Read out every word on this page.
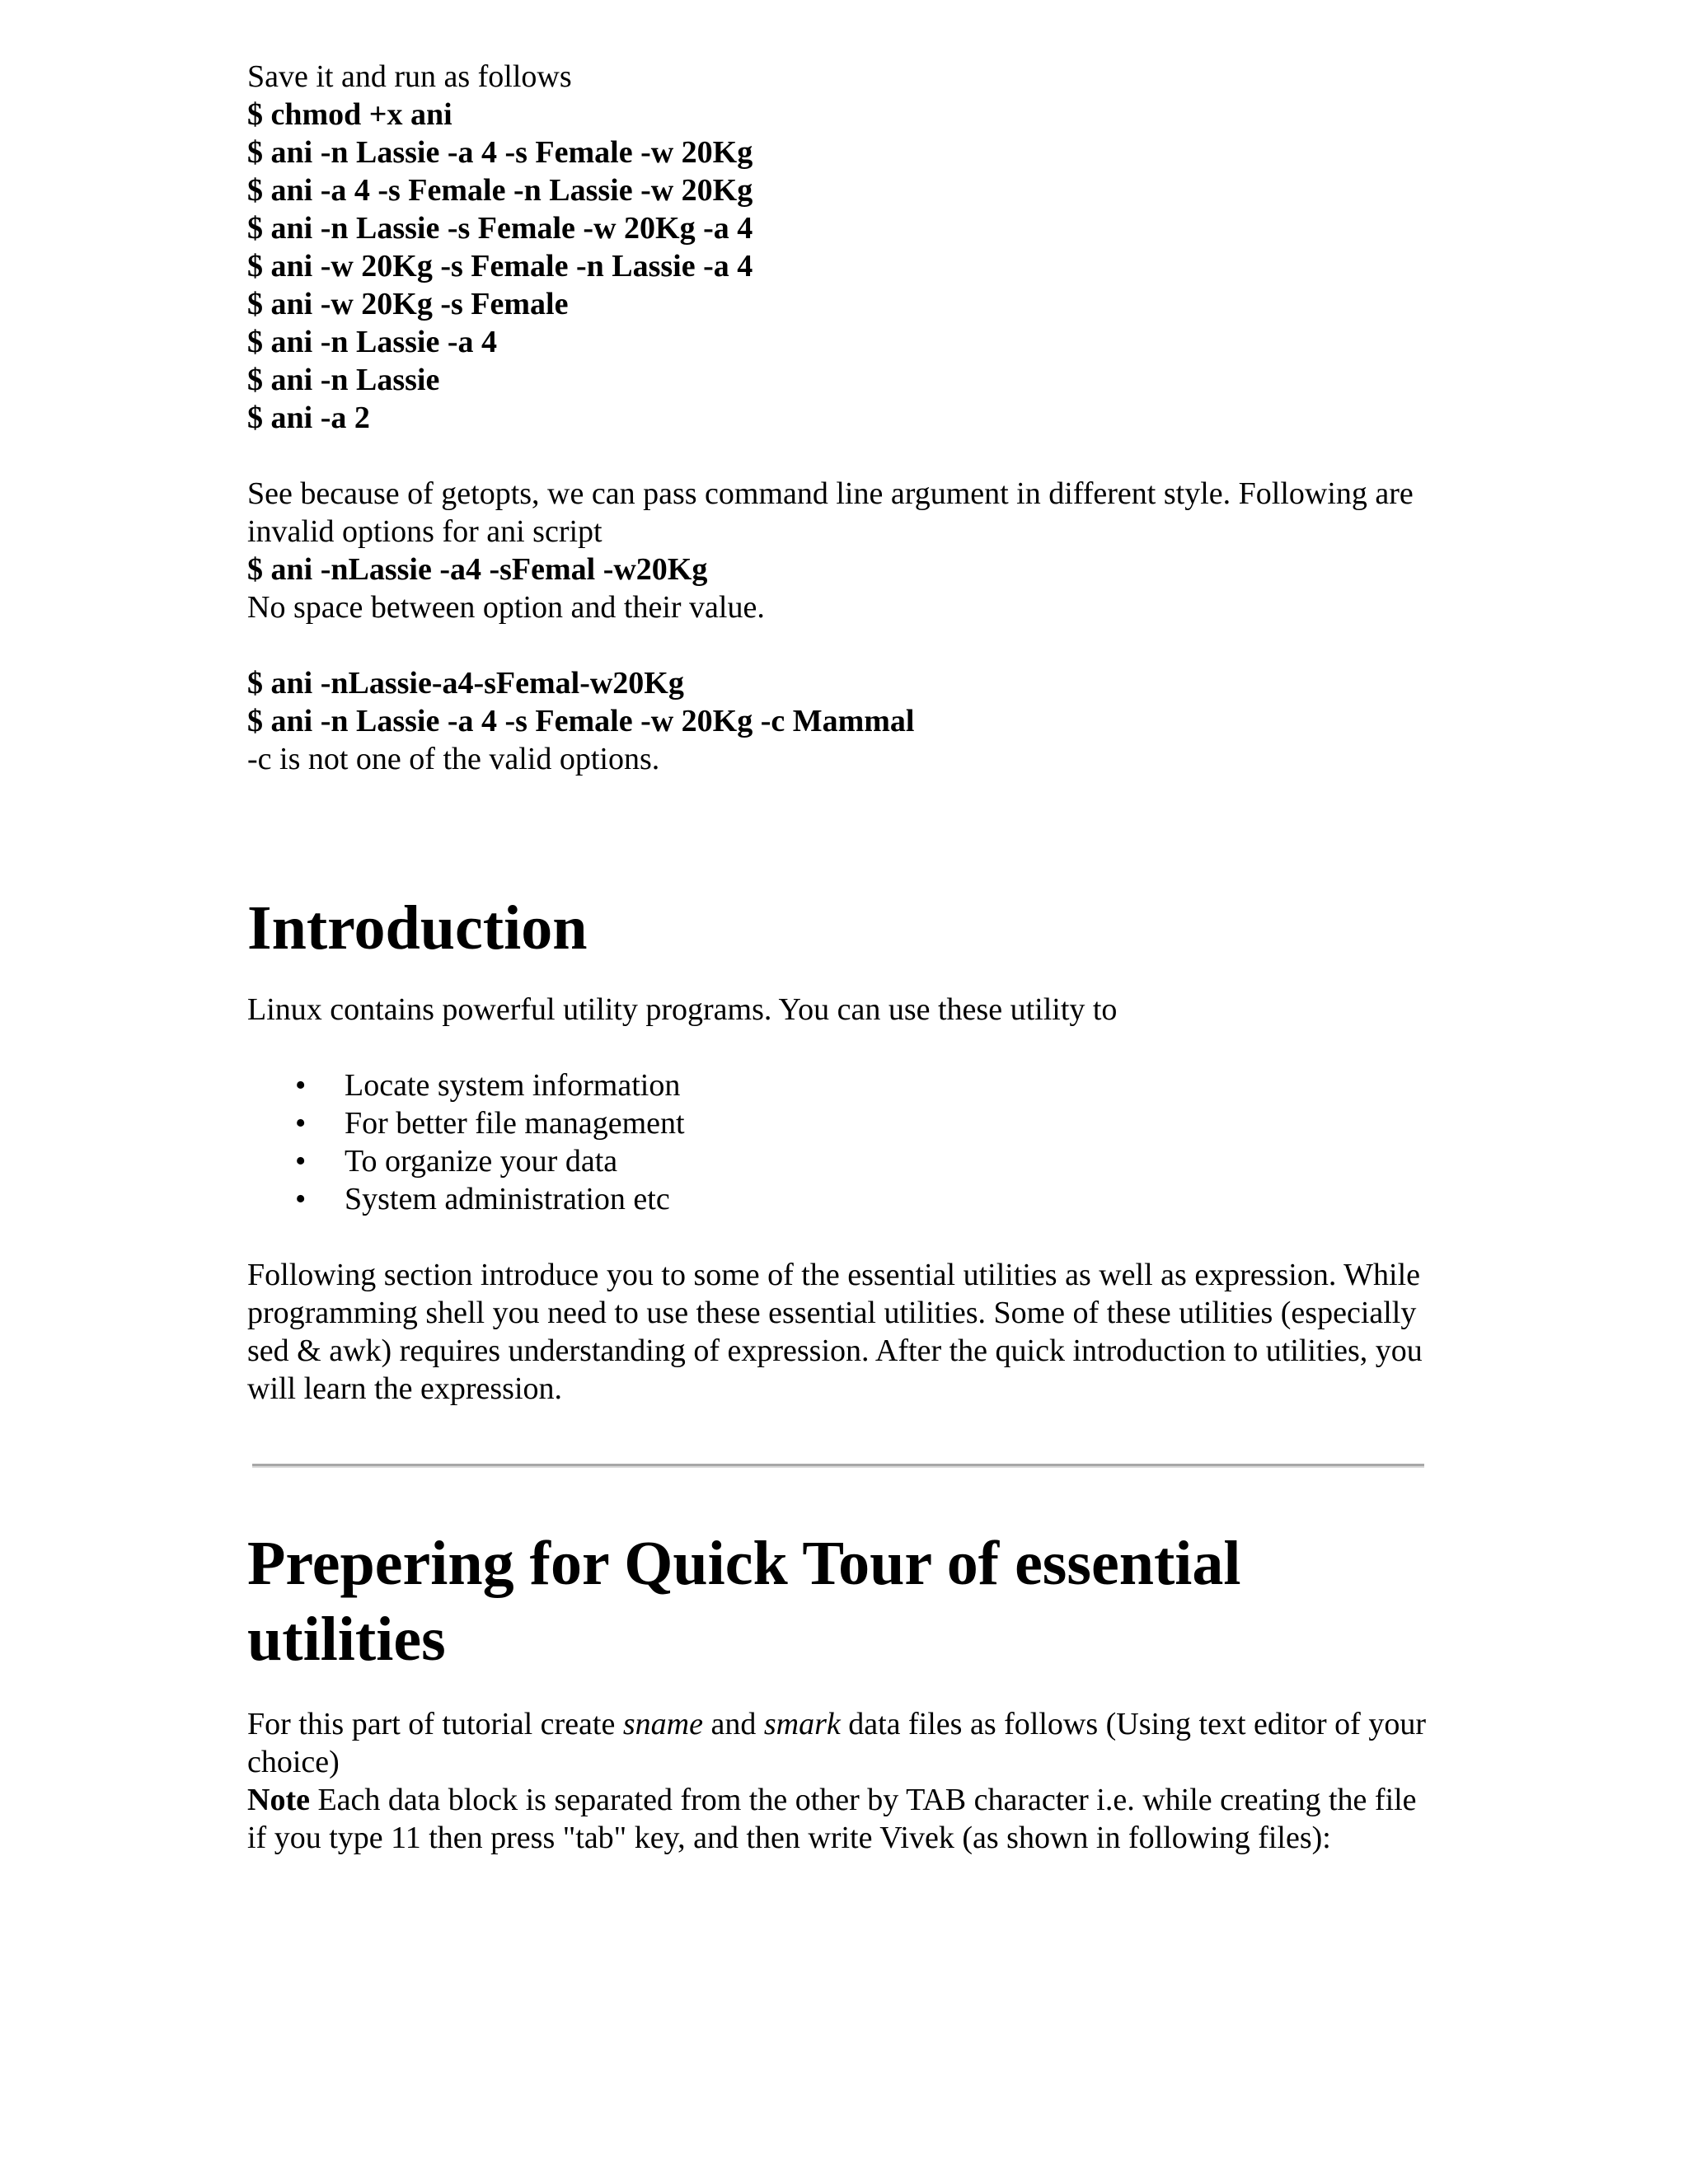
Save it and run as follows

$ chmod +x ani

$ ani -n Lassie -a 4 -s Female -w 20Kg

$ ani -a 4 -s Female -n Lassie -w 20Kg

$ ani -n Lassie -s Female -w 20Kg -a 4

$ ani -w 20Kg -s Female -n Lassie -a 4

$ ani -w 20Kg -s Female

$ ani -n Lassie -a 4

$ ani -n Lassie

$ ani -a 2

See because of getopts, we can pass command line argument in different style. Following are invalid options for ani script

$ ani -nLassie -a4 -sFemal -w20Kg

No space between option and their value.

$ ani -nLassie-a4-sFemal-w20Kg

$ ani -n Lassie -a 4 -s Female -w 20Kg -c Mammal

-c is not one of the valid options.

Introduction

Linux contains powerful utility programs. You can use these utility to

• Locate system information
• For better file management
• To organize your data
• System administration etc

Following section introduce you to some of the essential utilities as well as expression. While programming shell you need to use these essential utilities. Some of these utilities (especially sed & awk) requires understanding of expression. After the quick introduction to utilities, you will learn the expression.

Prepering for Quick Tour of essential utilities

For this part of tutorial create sname and smark data files as follows (Using text editor of your choice)

Note Each data block is separated from the other by TAB character i.e. while creating the file if you type 11 then press "tab" key, and then write Vivek (as shown in following files):
